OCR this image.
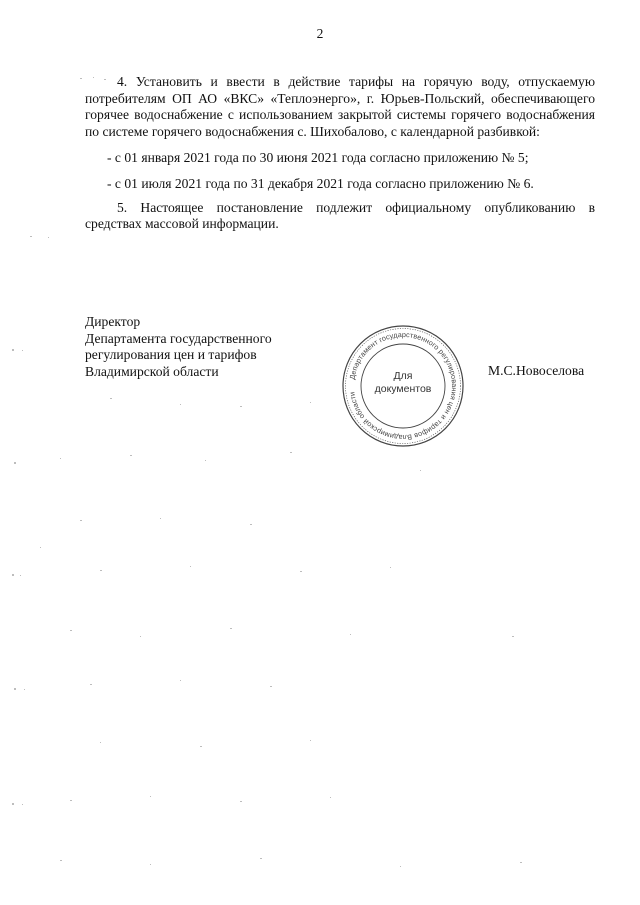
2

4. Установить и ввести в действие тарифы на горячую воду, отпускаемую потребителям ОП АО «ВКС» «Теплоэнерго», г. Юрьев-Польский, обеспечивающего горячее водоснабжение с использованием закрытой системы горячего водоснабжения по системе горячего водоснабжения с. Шихобалово, с календарной разбивкой:

- с 01 января 2021 года по 30 июня 2021 года согласно приложению № 5;

- с 01 июля 2021 года по 31 декабря 2021 года согласно приложению № 6.

5. Настоящее постановление подлежит официальному опубликованию в средствах массовой информации.

Директор
Департамента государственного
регулирования цен и тарифов
Владимирской области	Департамент государственного регулирования цен и тарифов Владимирской области
Для
документов
М.С.Новоселова
